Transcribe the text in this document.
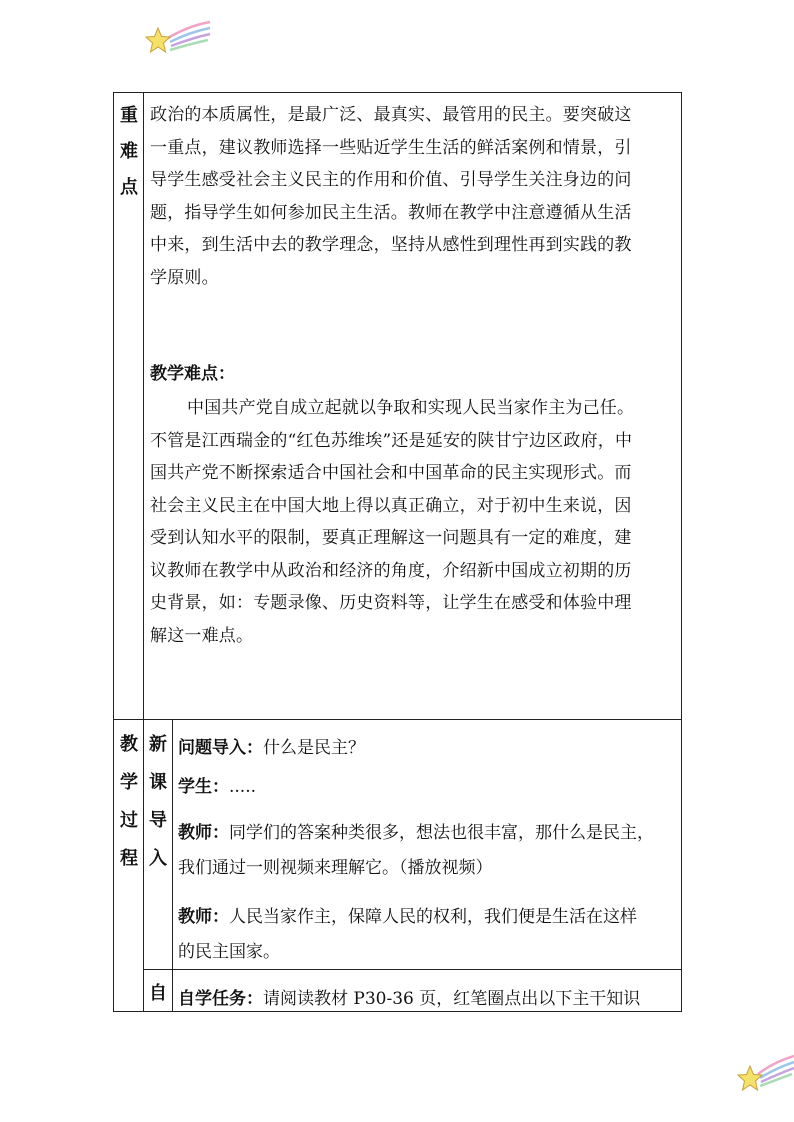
重
难
点
政治的本质属性，是最广泛、最真实、最管用的民主。要突破这
一重点，建议教师选择一些贴近学生生活的鲜活案例和情景，引
导学生感受社会主义民主的作用和价值、引导学生关注身边的问
题，指导学生如何参加民主生活。教师在教学中注意遵循从生活
中来，到生活中去的教学理念，坚持从感性到理性再到实践的教
学原则。
教学难点：
中国共产党自成立起就以争取和实现人民当家作主为己任。
不管是江西瑞金的“红色苏维埃”还是延安的陕甘宁边区政府，中
国共产党不断探索适合中国社会和中国革命的民主实现形式。而
社会主义民主在中国大地上得以真正确立，对于初中生来说，因
受到认知水平的限制，要真正理解这一问题具有一定的难度，建
议教师在教学中从政治和经济的角度，介绍新中国成立初期的历
史背景，如：专题录像、历史资料等，让学生在感受和体验中理
解这一难点。
教
学
过
程
新
课
导
入
问题导入：什么是民主？
学生：.....
教师：同学们的答案种类很多，想法也很丰富，那什么是民主，
我们通过一则视频来理解它。（播放视频）
教师：人民当家作主，保障人民的权利，我们便是生活在这样
的民主国家。
自 自学任务：请阅读教材 P30-36 页，红笔圈点出以下主干知识
